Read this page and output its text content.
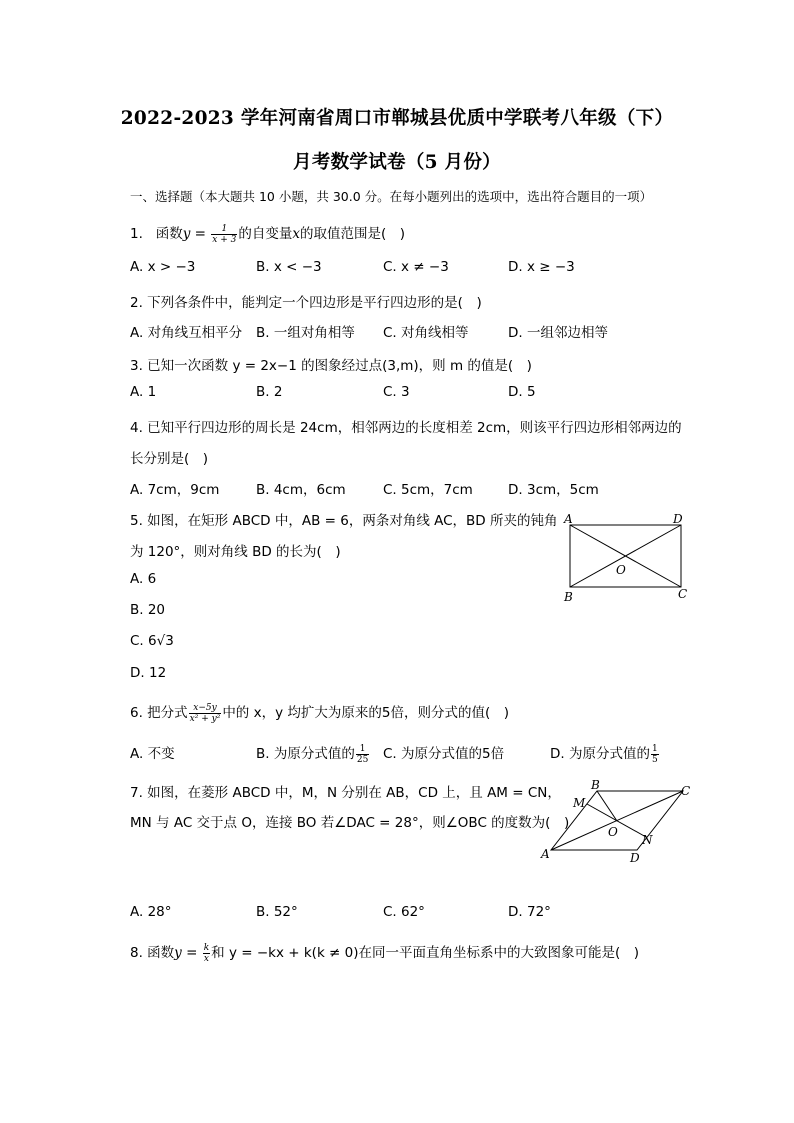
2022-2023 学年河南省周口市郸城县优质中学联考八年级（下）
月考数学试卷（5 月份）
一、选择题（本大题共 10 小题，共 30.0 分。在每小题列出的选项中，选出符合题目的一项）
1. 函数$y = \frac{1}{x + 3}$ 的自变量x的取值范围是(　)
A. x > −3	B. x < −3	C. x ≠ −3	D. x ≥ −3
2. 下列各条件中，能判定一个四边形是平行四边形的是(　)
A. 对角线互相平分 B. 一组对角相等 C. 对角线相等	D. 一组邻边相等
3. 已知一次函数 y = 2x−1 的图象经过点(3,m)，则 m 的值是(　)
A. 1	B. 2	C. 3	D. 5
4. 已知平行四边形的周长是 24cm，相邻两边的长度相差 2cm，则该平行四边形相邻两边的
长分别是(　)
A. 7cm，9cm	B. 4cm，6cm	C. 5cm，7cm	D. 3cm，5cm
5. 如图，在矩形 ABCD 中，AB = 6，两条对角线 AC，BD 所夹的钝角
为 120°，则对角线 BD 的长为(　)
A. 6
B. 20
C. 6√3
D. 12
A	D
O
B	C
6. 把分式 $\frac{x-5y}{\text{x² + y²}}$ 中的 x，y 均扩大为原来的5倍，则分式的值(　)
A. 不变	B. 为原分式值的 $\frac{1}{25} C$. 为原分式值的5倍	D. 为原分式值的 $\frac{1}{5}$
7. 如图，在菱形 ABCD 中，M，N 分别在 AB，CD 上，且 AM = CN，
MN 与 AC 交于点 O，连接 BO 若∠DAC = 28°，则∠OBC 的度数为(　)
B	C
M
O
N
A	D
A. 28°	B. 52°	C. 62°	D. 72°
8. 函数$y = \frac{k}{x}$ 和 y = −kx + k(k ≠ 0)在同一平面直角坐标系中的大致图象可能是(　)
